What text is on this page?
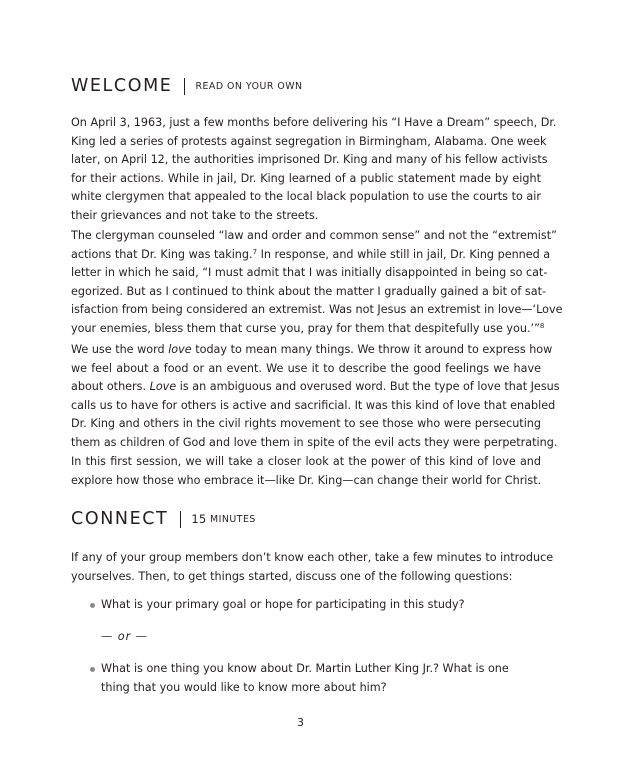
WELCOME READ ON YOUR OWN

On April 3, 1963, just a few months before delivering his “I Have a Dream” speech, Dr.
King led a series of protests against segregation in Birmingham, Alabama. One week
later, on April 12, the authorities imprisoned Dr. King and many of his fellow activists
for their actions. While in jail, Dr. King learned of a public statement made by eight
white clergymen that appealed to the local black population to use the courts to air
their grievances and not take to the streets.

The clergyman counseled “law and order and common sense” and not the “extremist”
actions that Dr. King was taking.$^7$ In response, and while still in jail, Dr. King penned a
letter in which he said, “I must admit that I was initially disappointed in being so cat-
egorized. But as I continued to think about the matter I gradually gained a bit of sat-
isfaction from being considered an extremist. Was not Jesus an extremist in love—‘Love
your enemies, bless them that curse you, pray for them that despitefully use you.’”$^8$

We use the word love today to mean many things. We throw it around to express how
we feel about a food or an event. We use it to describe the good feelings we have
about others. Love is an ambiguous and overused word. But the type of love that Jesus
calls us to have for others is active and sacrificial. It was this kind of love that enabled
Dr. King and others in the civil rights movement to see those who were persecuting
them as children of God and love them in spite of the evil acts they were perpetrating.

In this first session, we will take a closer look at the power of this kind of love and
explore how those who embrace it—like Dr. King—can change their world for Christ.

CONNECT 15 MINUTES

If any of your group members don’t know each other, take a few minutes to introduce
yourselves. Then, to get things started, discuss one of the following questions:

What is your primary goal or hope for participating in this study?
— or —
What is one thing you know about Dr. Martin Luther King Jr.? What is one
thing that you would like to know more about him?
3
